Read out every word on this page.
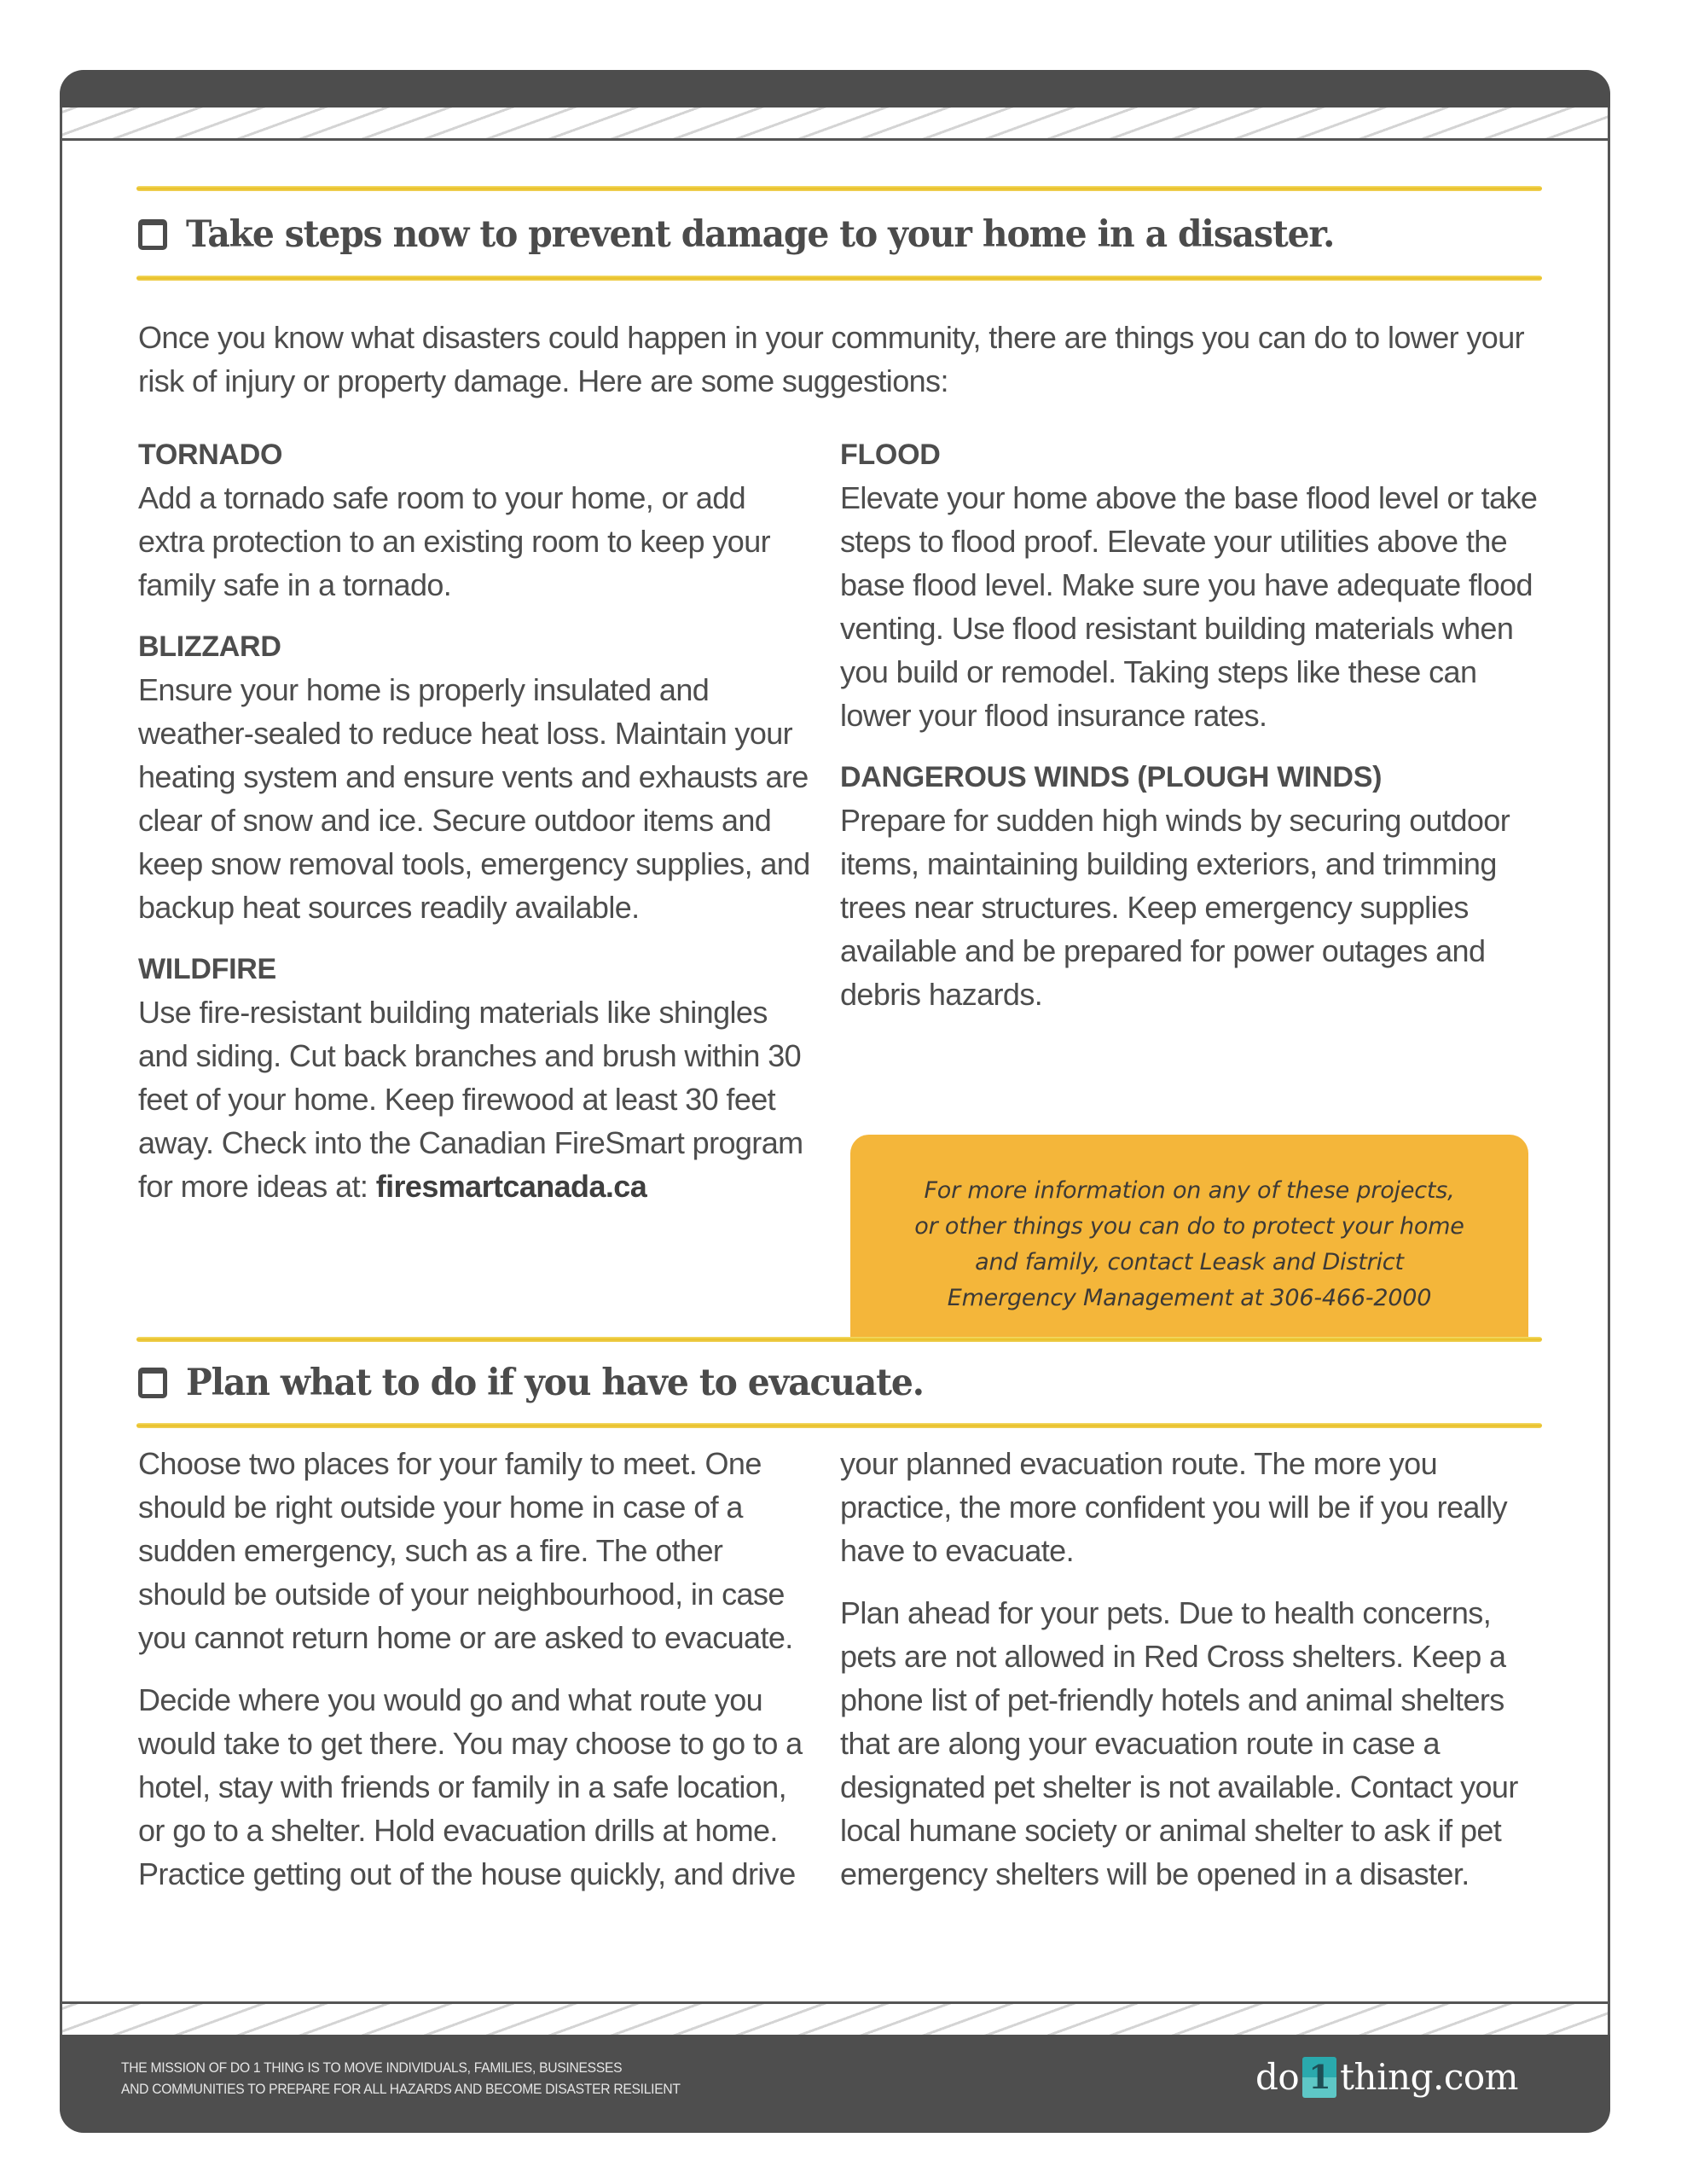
Take steps now to prevent damage to your home in a disaster.
Once you know what disasters could happen in your community, there are things you can do to lower your risk of injury or property damage. Here are some suggestions:
TORNADO
Add a tornado safe room to your home, or add extra protection to an existing room to keep your family safe in a tornado.
BLIZZARD
Ensure your home is properly insulated and weather-sealed to reduce heat loss. Maintain your heating system and ensure vents and exhausts are clear of snow and ice. Secure outdoor items and keep snow removal tools, emergency supplies, and backup heat sources readily available.
WILDFIRE
Use fire-resistant building materials like shingles and siding. Cut back branches and brush within 30 feet of your home. Keep firewood at least 30 feet away. Check into the Canadian FireSmart program for more ideas at: firesmartcanada.ca
FLOOD
Elevate your home above the base flood level or take steps to flood proof. Elevate your utilities above the base flood level. Make sure you have adequate flood venting. Use flood resistant building materials when you build or remodel. Taking steps like these can lower your flood insurance rates.
DANGEROUS WINDS (PLOUGH WINDS)
Prepare for sudden high winds by securing outdoor items, maintaining building exteriors, and trimming trees near structures. Keep emergency supplies available and be prepared for power outages and debris hazards.
For more information on any of these projects,
or other things you can do to protect your home
and family, contact Leask and District
Emergency Management at 306-466-2000
Plan what to do if you have to evacuate.

Choose two places for your family to meet. One should be right outside your home in case of a sudden emergency, such as a fire. The other should be outside of your neighbourhood, in case you cannot return home or are asked to evacuate.

Decide where you would go and what route you would take to get there. You may choose to go to a hotel, stay with friends or family in a safe location, or go to a shelter. Hold evacuation drills at home. Practice getting out of the house quickly, and drive

your planned evacuation route. The more you practice, the more confident you will be if you really have to evacuate.

Plan ahead for your pets. Due to health concerns, pets are not allowed in Red Cross shelters. Keep a phone list of pet-friendly hotels and animal shelters that are along your evacuation route in case a designated pet shelter is not available. Contact your local humane society or animal shelter to ask if pet emergency shelters will be opened in a disaster.

THE MISSION OF DO 1 THING IS TO MOVE INDIVIDUALS, FAMILIES, BUSINESSES
AND COMMUNITIES TO PREPARE FOR ALL HAZARDS AND BECOME DISASTER RESILIENT	do 1 thing.com
